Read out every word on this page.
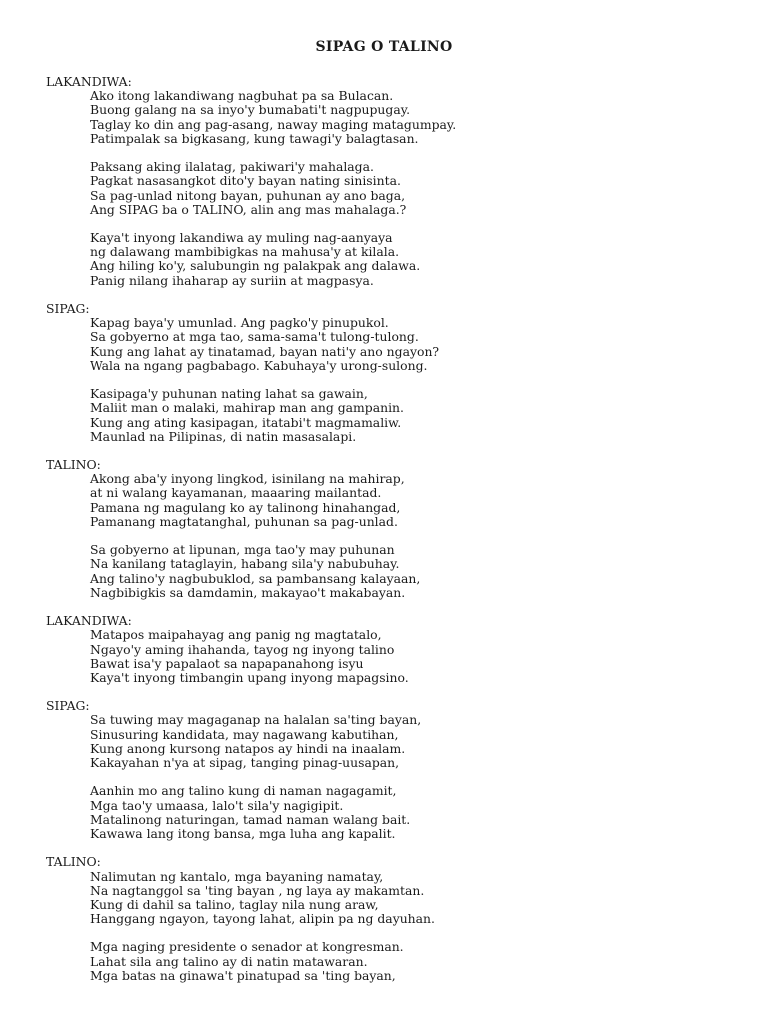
SIPAG O TALINO
LAKANDIWA:
Ako itong lakandiwang nagbuhat pa sa Bulacan.
Buong galang na sa inyo'y bumabati't nagpupugay.
Taglay ko din ang pag-asang, naway maging matagumpay.
Patimpalak sa bigkasang, kung tawagi'y balagtasan.
Paksang aking ilalatag, pakiwari'y mahalaga.
Pagkat nasasangkot dito'y bayan nating sinisinta.
Sa pag-unlad nitong bayan, puhunan ay ano baga,
Ang SIPAG ba o TALINO, alin ang mas mahalaga.?
Kaya't inyong lakandiwa ay muling nag-aanyaya
ng dalawang mambibigkas na mahusa'y at kilala.
Ang hiling ko'y, salubungin ng palakpak ang dalawa.
Panig nilang ihaharap ay suriin at magpasya.
SIPAG:
Kapag baya'y umunlad. Ang pagko'y pinupukol.
Sa gobyerno at mga tao, sama-sama't tulong-tulong.
Kung ang lahat ay tinatamad, bayan nati'y ano ngayon?
Wala na ngang pagbabago. Kabuhaya'y urong-sulong.
Kasipaga'y puhunan nating lahat sa gawain,
Maliit man o malaki, mahirap man ang gampanin.
Kung ang ating kasipagan, itatabi't magmamaliw.
Maunlad na Pilipinas, di natin masasalapi.
TALINO:
Akong aba'y inyong lingkod, isinilang na mahirap,
at ni walang kayamanan, maaaring mailantad.
Pamana ng magulang ko ay talinong hinahangad,
Pamanang magtatanghal, puhunan sa pag-unlad.
Sa gobyerno at lipunan, mga tao'y may puhunan
Na kanilang tataglayin, habang sila'y nabubuhay.
Ang talino'y nagbubuklod, sa pambansang kalayaan,
Nagbibigkis sa damdamin, makayao't makabayan.
LAKANDIWA:
Matapos maipahayag ang panig ng magtatalo,
Ngayo'y aming ihahanda, tayog ng inyong talino
Bawat isa'y papalaot sa napapanahong isyu
Kaya't inyong timbangin upang inyong mapagsino.
SIPAG:
Sa tuwing may magaganap na halalan sa'ting bayan,
Sinusuring kandidata, may nagawang kabutihan,
Kung anong kursong natapos ay hindi na inaalam.
Kakayahan n'ya at sipag, tanging pinag-uusapan,
Aanhin mo ang talino kung di naman nagagamit,
Mga tao'y umaasa, lalo't sila'y nagigipit.
Matalinong naturingan, tamad naman walang bait.
Kawawa lang itong bansa, mga luha ang kapalit.
TALINO:
Nalimutan ng kantalo, mga bayaning namatay,
Na nagtanggol sa 'ting bayan , ng laya ay makamtan.
Kung di dahil sa talino, taglay nila nung araw,
Hanggang ngayon, tayong lahat, alipin pa ng dayuhan.
Mga naging presidente o senador at kongresman.
Lahat sila ang talino ay di natin matawaran.
Mga batas na ginawa't pinatupad sa 'ting bayan,
